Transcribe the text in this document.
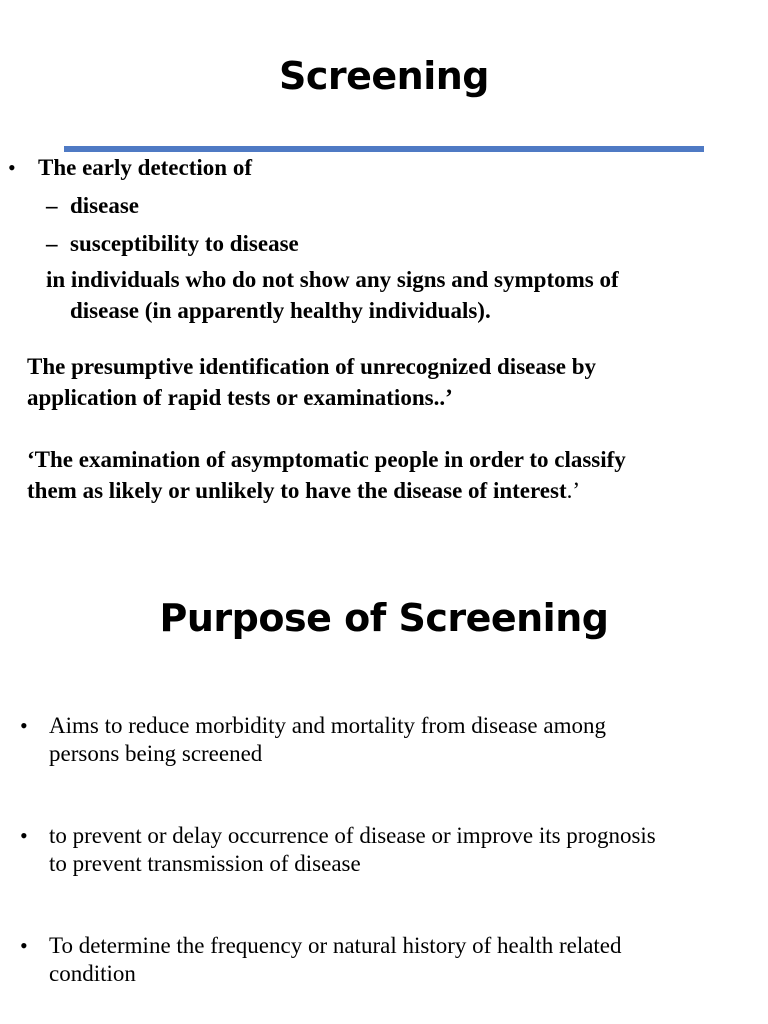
Screening
• The early detection of
– disease
– susceptibility to disease
in individuals who do not show any signs and symptoms of
disease (in apparently healthy individuals).
The presumptive identification of unrecognized disease by
application of rapid tests or examinations..’
‘The examination of asymptomatic people in order to classify
them as likely or unlikely to have the disease of interest.’
Purpose of Screening
• Aims to reduce morbidity and mortality from disease among
persons being screened
• to prevent or delay occurrence of disease or improve its prognosis
to prevent transmission of disease
• To determine the frequency or natural history of health related
condition
